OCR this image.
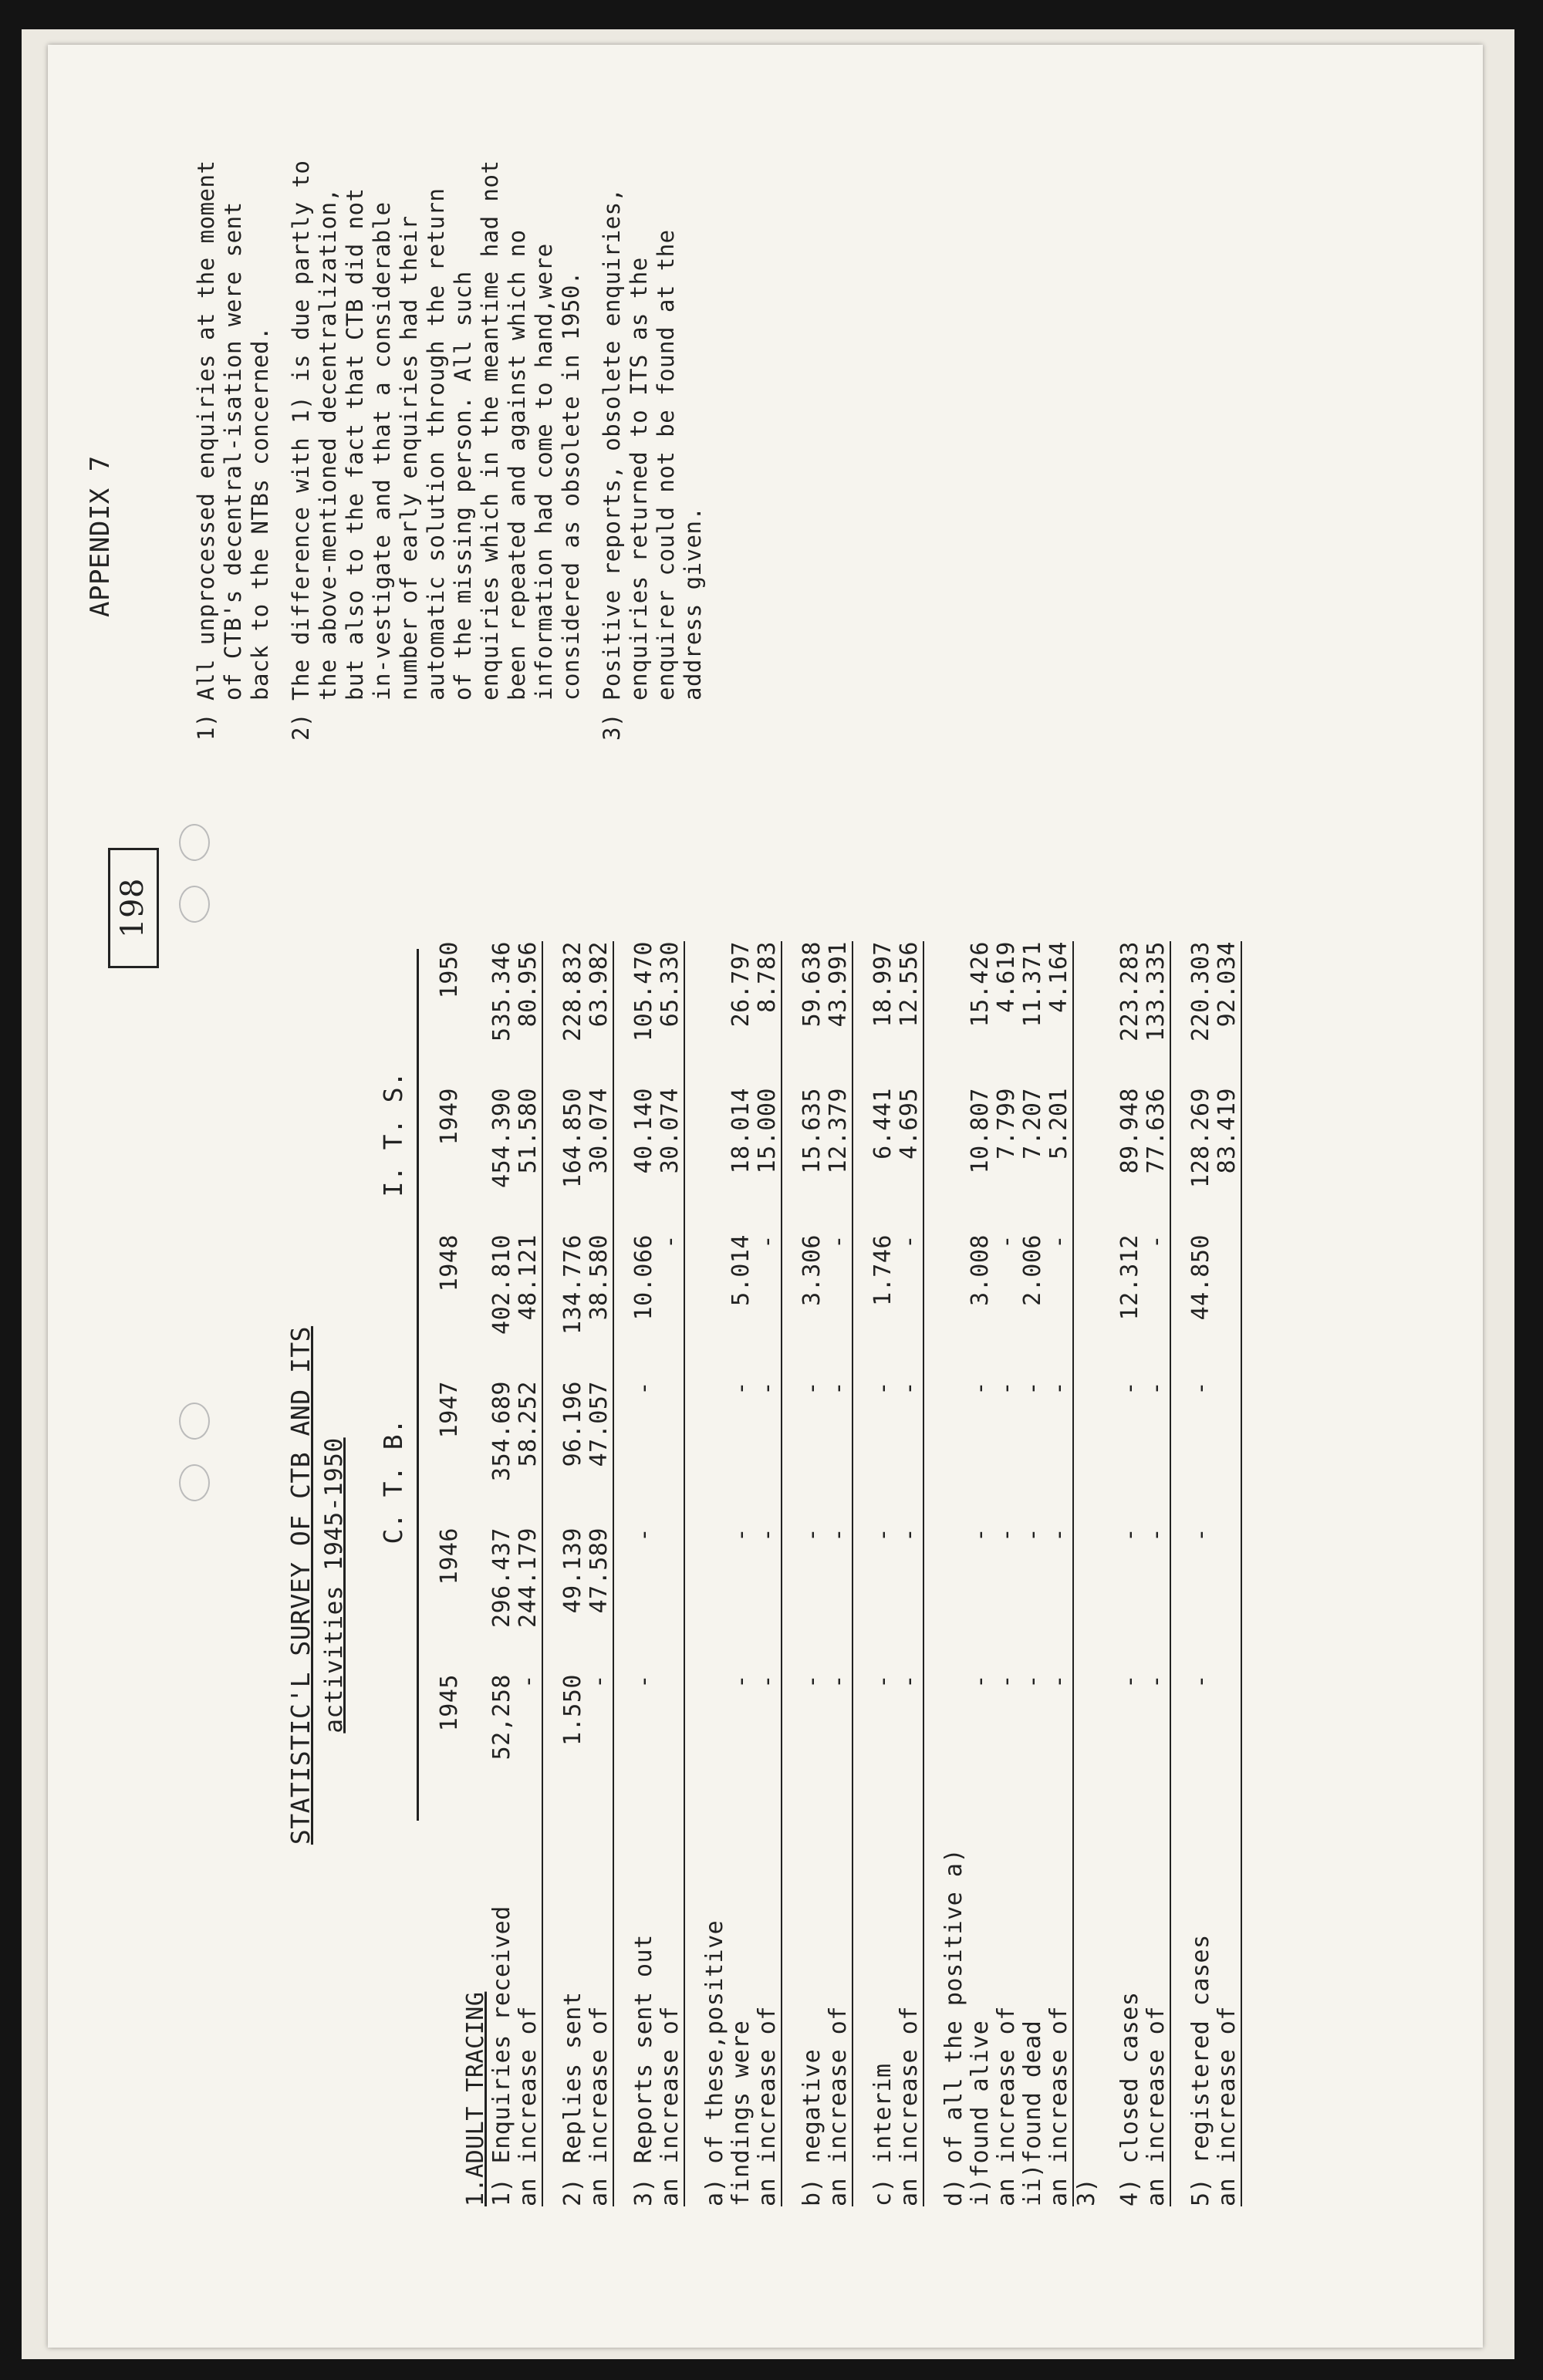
198
STATISTIC'L SURVEY OF CTB AND ITS activities 1945-1950
APPENDIX 7
C. T. B.
I. T. S.
	1945	1946	1947	1948	1949	1950
1.ADULT TRACING						
1) Enquiries received	52,258	296.437	354.689	402.810	454.390	535.346
an increase of	-	244.179	58.252	48.121	51.580	80.956

2) Replies sent	1.550	49.139	96.196	134.776	164.850	228.832
an increase of	-	47.589	47.057	38.580	30.074	63.982

3) Reports sent out	-	-	-	10.066	40.140	105.470
an increase of				-	30.074	65.330

a) of these,positive						
findings were	-	-	-	5.014	18.014	26.797
an increase of	-	-	-	-	15.000	8.783

b) negative	-	-	-	3.306	15.635	59.638
an increase of	-	-	-	-	12.379	43.991

c) interim	-	-	-	1.746	6.441	18.997
an increase of	-	-	-	-	4.695	12.556

d) of all the positive a)						
i)found alive	-	-	-	3.008	10.807	15.426
an increase of	-	-	-	-	7.799	4.619
ii)found dead	-	-	-	2.006	7.207	11.371
an increase of	-	-	-	-	5.201	4.164
3)						

4) closed cases	-	-	-	12.312	89.948	223.283
an increase of	-	-	-	-	77.636	133.335

5) registered cases	-	-	-	44.850	128.269	220.303
an increase of					83.419	92.034
1)
All unprocessed enquiries at the moment of CTB's decentral-isation were sent back to the NTBs concerned.
2)
The difference with 1) is due partly to the above-mentioned decentralization, but also to the fact that CTB did not in-vestigate and that a considerable number of early enquiries had their automatic solution through the return of the missing person. All such enquiries which in the meantime had not been repeated and against which no information had come to hand,were considered as obsolete in 1950.
3)
Positive reports, obsolete enquiries, enquiries returned to ITS as the enquirer could not be found at the address given.
